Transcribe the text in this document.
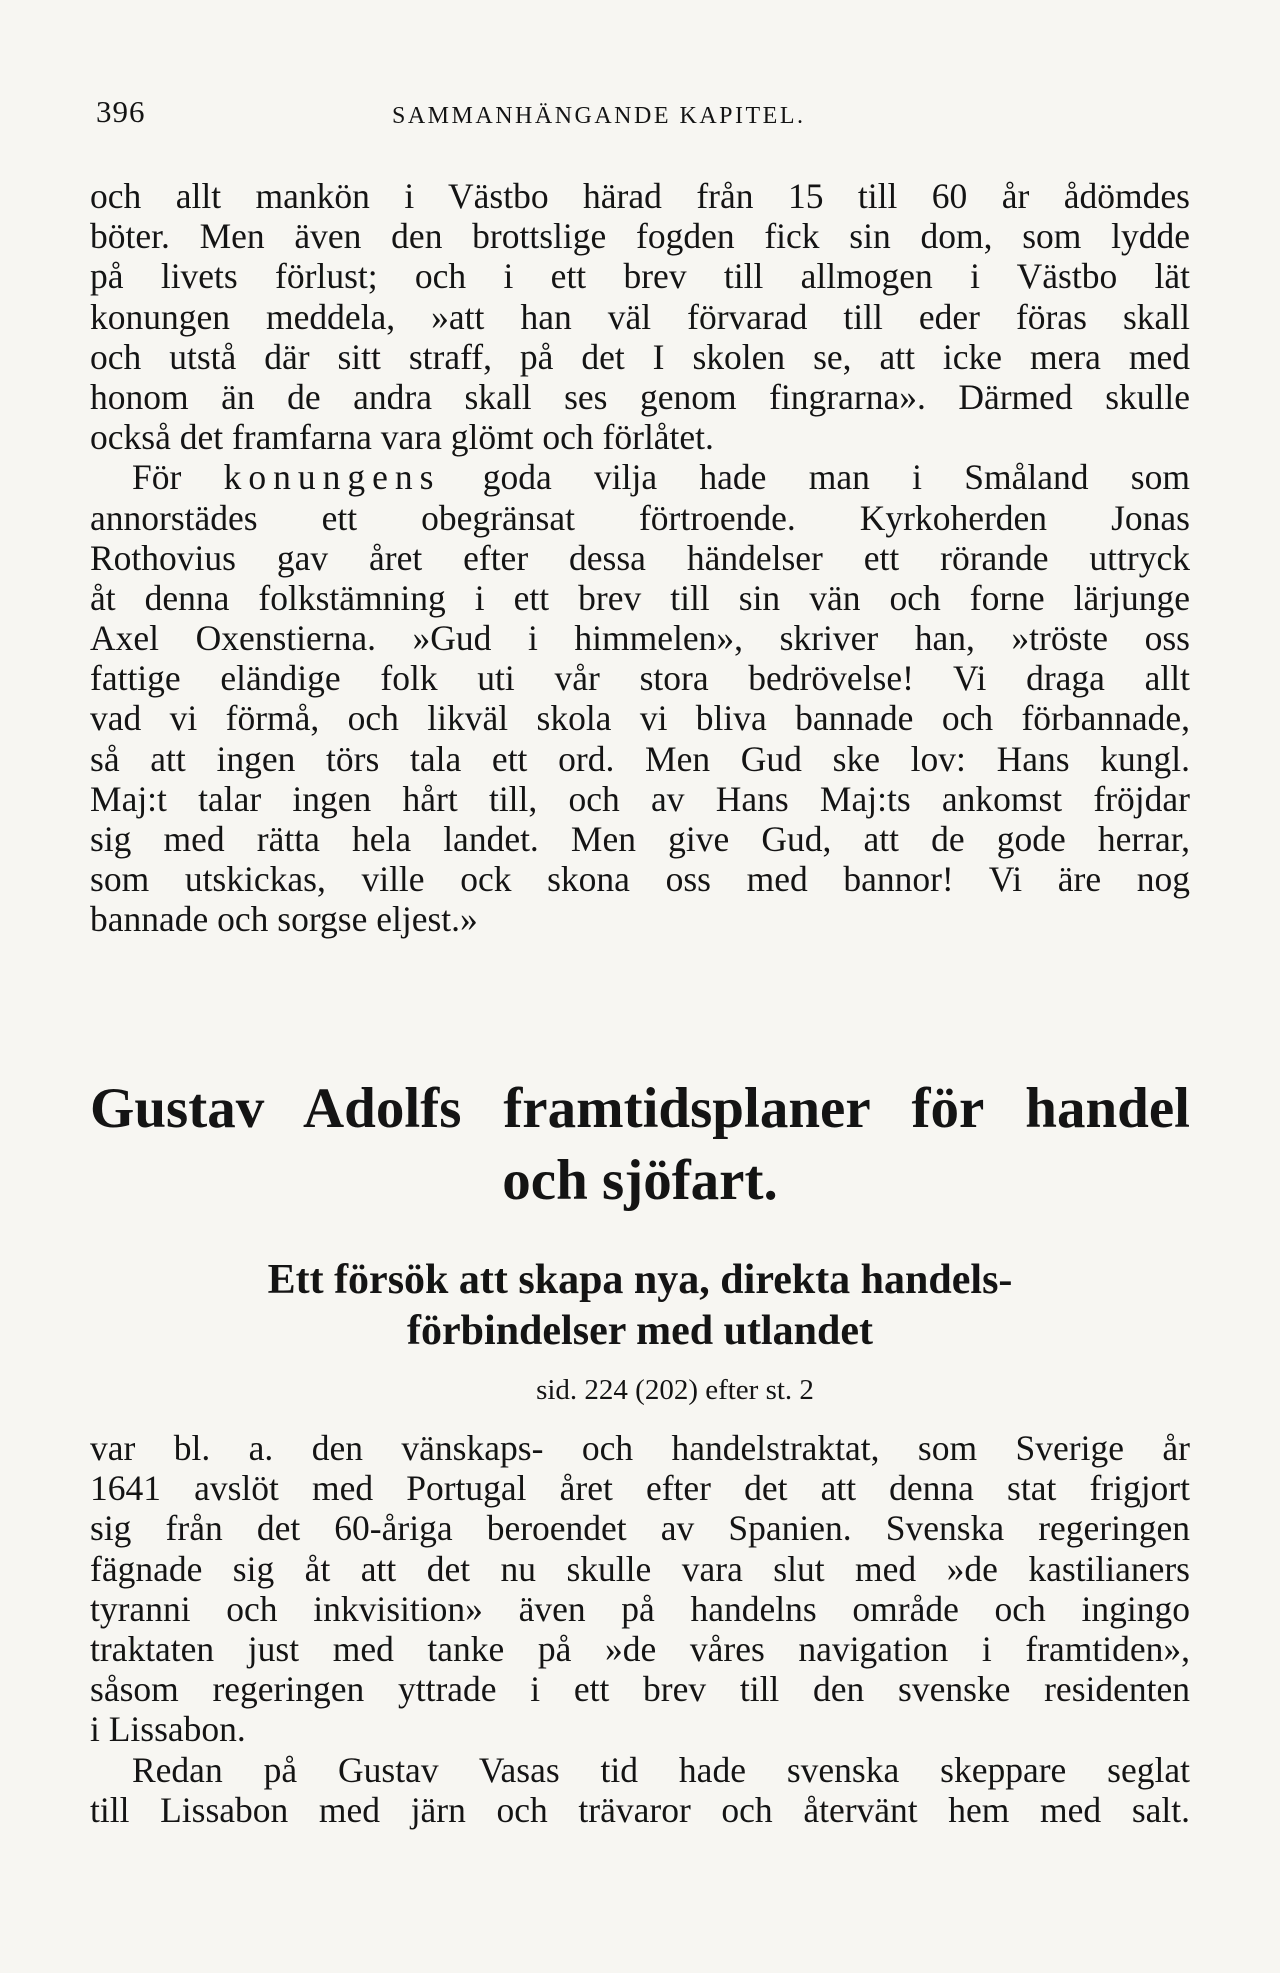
396	SAMMANHÄNGANDE KAPITEL.
och allt mankön i Västbo härad från 15 till 60 år ådömdes
böter. Men även den brottslige fogden fick sin dom, som lydde
på livets förlust; och i ett brev till allmogen i Västbo lät
konungen meddela, »att han väl förvarad till eder föras skall
och utstå där sitt straff, på det I skolen se, att icke mera med
honom än de andra skall ses genom fingrarna». Därmed skulle
också det framfarna vara glömt och förlåtet.
För konungens goda vilja hade man i Småland som
annorstädes ett obegränsat förtroende. Kyrkoherden Jonas
Rothovius gav året efter dessa händelser ett rörande uttryck
åt denna folkstämning i ett brev till sin vän och forne lärjunge
Axel Oxenstierna. »Gud i himmelen», skriver han, »tröste oss
fattige eländige folk uti vår stora bedrövelse! Vi draga allt
vad vi förmå, och likväl skola vi bliva bannade och förbannade,
så att ingen törs tala ett ord. Men Gud ske lov: Hans kungl.
Maj:t talar ingen hårt till, och av Hans Maj:ts ankomst fröjdar
sig med rätta hela landet. Men give Gud, att de gode herrar,
som utskickas, ville ock skona oss med bannor! Vi äre nog
bannade och sorgse eljest.»
Gustav Adolfs framtidsplaner för handel
och sjöfart.
Ett försök att skapa nya, direkta handels-
förbindelser med utlandet
sid. 224 (202) efter st. 2
var bl. a. den vänskaps- och handelstraktat, som Sverige år
1641 avslöt med Portugal året efter det att denna stat frigjort
sig från det 60-åriga beroendet av Spanien. Svenska regeringen
fägnade sig åt att det nu skulle vara slut med »de kastilianers
tyranni och inkvisition» även på handelns område och ingingo
traktaten just med tanke på »de våres navigation i framtiden»,
såsom regeringen yttrade i ett brev till den svenske residenten
i Lissabon.
Redan på Gustav Vasas tid hade svenska skeppare seglat
till Lissabon med järn och trävaror och återvänt hem med salt.
